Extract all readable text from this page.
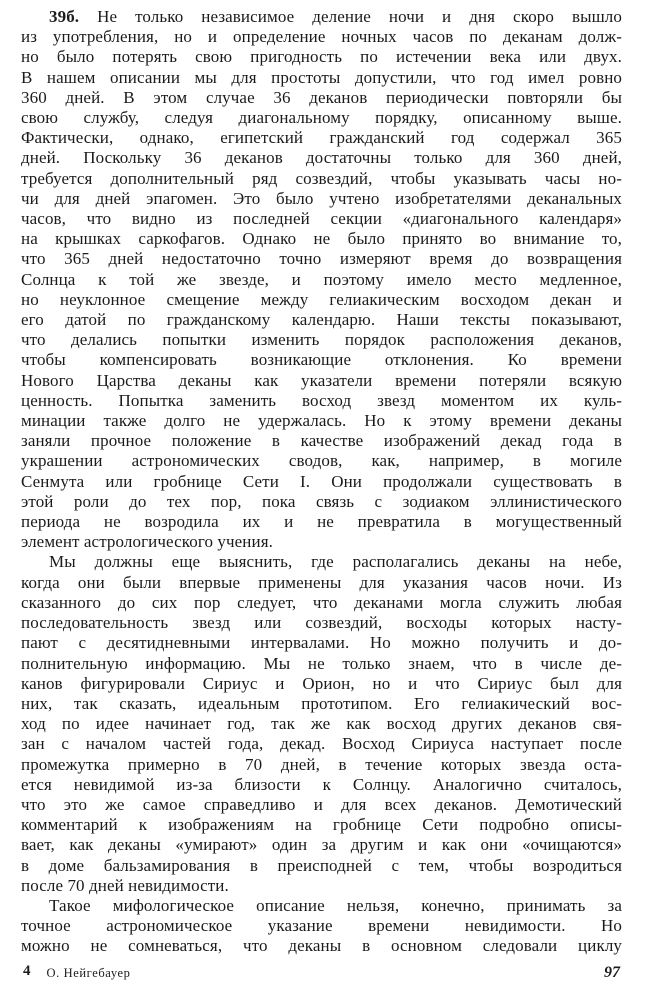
39б. Не только независимое деление ночи и дня скоро вышло
из употребления, но и определение ночных часов по деканам долж-
но было потерять свою пригодность по истечении века или двух.
В нашем описании мы для простоты допустили, что год имел ровно
360 дней. В этом случае 36 деканов периодически повторяли бы
свою службу, следуя диагональному порядку, описанному выше.
Фактически, однако, египетский гражданский год содержал 365
дней. Поскольку 36 деканов достаточны только для 360 дней,
требуется дополнительный ряд созвездий, чтобы указывать часы но-
чи для дней эпагомен. Это было учтено изобретателями деканальных
часов, что видно из последней секции «диагонального календаря»
на крышках саркофагов. Однако не было принято во внимание то,
что 365 дней недостаточно точно измеряют время до возвращения
Солнца к той же звезде, и поэтому имело место медленное,
но неуклонное смещение между гелиакическим восходом декан и
его датой по гражданскому календарю. Наши тексты показывают,
что делались попытки изменить порядок расположения деканов,
чтобы компенсировать возникающие отклонения. Ко времени
Нового Царства деканы как указатели времени потеряли всякую
ценность. Попытка заменить восход звезд моментом их куль-
минации также долго не удержалась. Но к этому времени деканы
заняли прочное положение в качестве изображений декад года в
украшении астрономических сводов, как, например, в могиле
Сенмута или гробнице Сети I. Они продолжали существовать в
этой роли до тех пор, пока связь с зодиаком эллинистического
периода не возродила их и не превратила в могущественный
элемент астрологического учения.
Мы должны еще выяснить, где располагались деканы на небе,
когда они были впервые применены для указания часов ночи. Из
сказанного до сих пор следует, что деканами могла служить любая
последовательность звезд или созвездий, восходы которых насту-
пают с десятидневными интервалами. Но можно получить и до-
полнительную информацию. Мы не только знаем, что в числе де-
канов фигурировали Сириус и Орион, но и что Сириус был для
них, так сказать, идеальным прототипом. Его гелиакический вос-
ход по идее начинает год, так же как восход других деканов свя-
зан с началом частей года, декад. Восход Сириуса наступает после
промежутка примерно в 70 дней, в течение которых звезда оста-
ется невидимой из-за близости к Солнцу. Аналогично считалось,
что это же самое справедливо и для всех деканов. Демотический
комментарий к изображениям на гробнице Сети подробно описы-
вает, как деканы «умирают» один за другим и как они «очищаются»
в доме бальзамирования в преисподней с тем, чтобы возродиться
после 70 дней невидимости.
Такое мифологическое описание нельзя, конечно, принимать за
точное астрономическое указание времени невидимости. Но
можно не сомневаться, что деканы в основном следовали циклу
4 О. Нейгебауер	97
